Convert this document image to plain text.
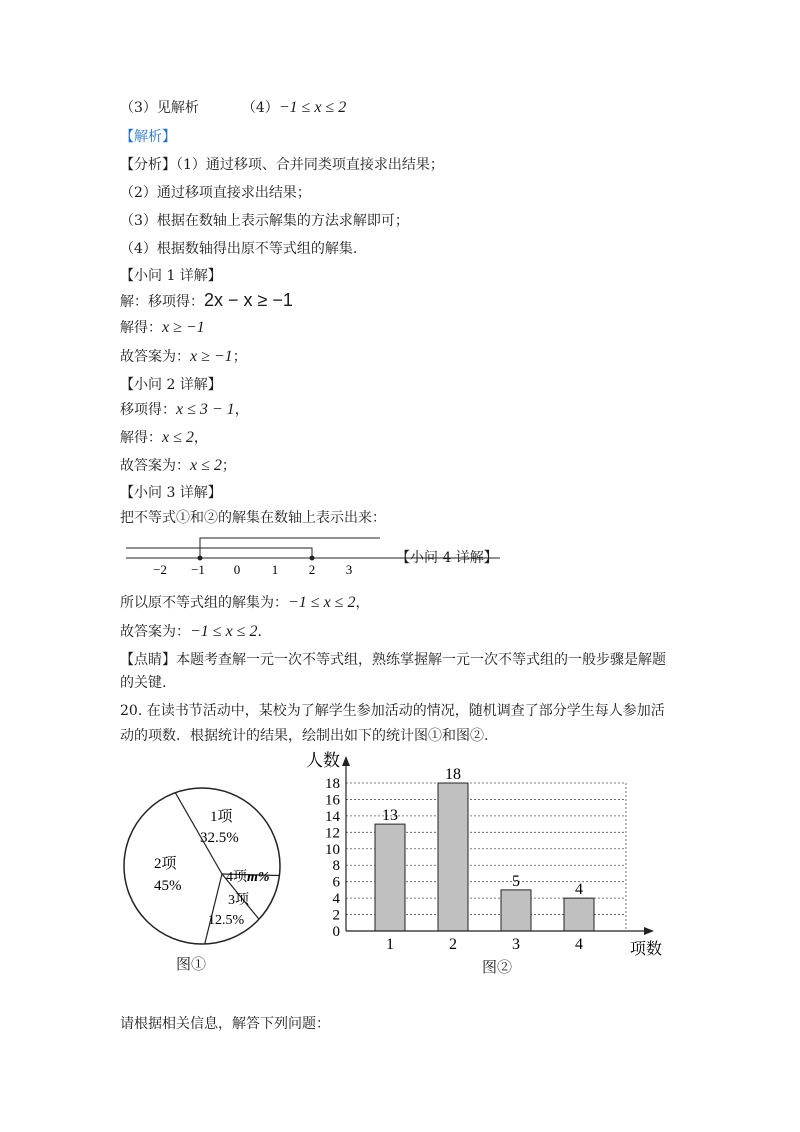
（3）见解析	（4）−1 ≤ x ≤ 2
【解析】
【分析】（1）通过移项、合并同类项直接求出结果；
（2）通过移项直接求出结果；
（3）根据在数轴上表示解集的方法求解即可；
（4）根据数轴得出原不等式组的解集.
【小问 1 详解】
解：移项得：2x − x ≥ −1
解得：x ≥ −1
故答案为：x ≥ −1；
【小问 2 详解】
移项得：x ≤ 3 − 1，
解得：x ≤ 2，
故答案为：x ≤ 2；
【小问 3 详解】
把不等式①和②的解集在数轴上表示出来：
−2 −1 0 1 2 3
【小问 4 详解】
所以原不等式组的解集为：−1 ≤ x ≤ 2，
故答案为：−1 ≤ x ≤ 2.
【点睛】本题考查解一元一次不等式组，熟练掌握解一元一次不等式组的一般步骤是解题
的关键.
20. 在读书节活动中，某校为了解学生参加活动的情况，随机调查了部分学生每人参加活
动的项数．根据统计的结果，绘制出如下的统计图①和图②.
1项
32.5%
2项
45%
4项m%
3项
12.5%
图①
0
2
4
6
8
10
12
14
16
18
13
1
18
2
5
3
4
4
人数
项数
图②
请根据相关信息，解答下列问题：
